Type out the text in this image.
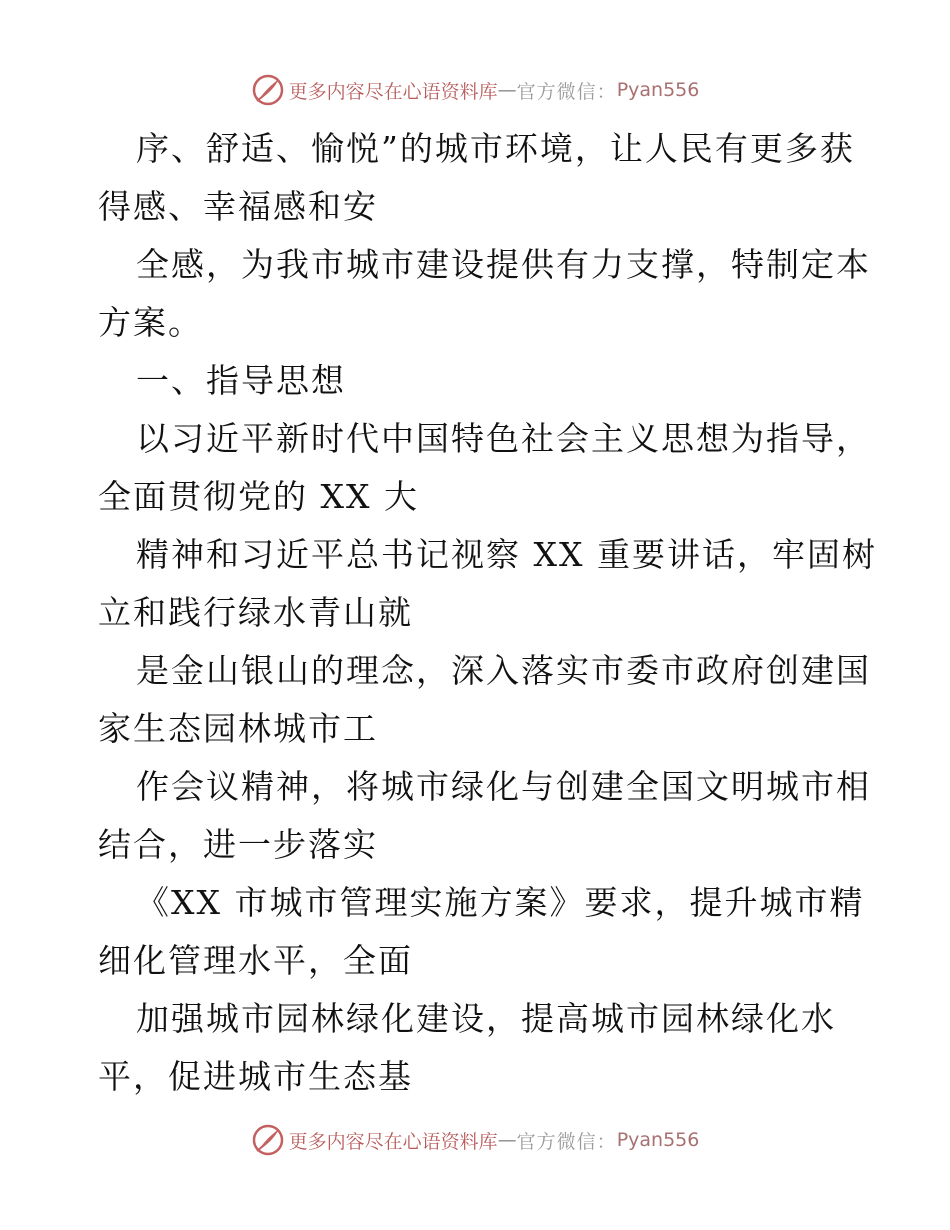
更多内容尽在心语资料库 — 官方微信： Pyan556
序、舒适、愉悦”的城市环境，让人民有更多获
得感、幸福感和安
全感，为我市城市建设提供有力支撑，特制定本
方案。
一、指导思想
以习近平新时代中国特色社会主义思想为指导，
全面贯彻党的 XX 大
精神和习近平总书记视察 XX 重要讲话，牢固树
立和践行绿水青山就
是金山银山的理念，深入落实市委市政府创建国
家生态园林城市工
作会议精神，将城市绿化与创建全国文明城市相
结合，进一步落实
《XX 市城市管理实施方案》要求，提升城市精
细化管理水平，全面
加强城市园林绿化建设，提高城市园林绿化水
平，促进城市生态基
更多内容尽在心语资料库 — 官方微信： Pyan556
